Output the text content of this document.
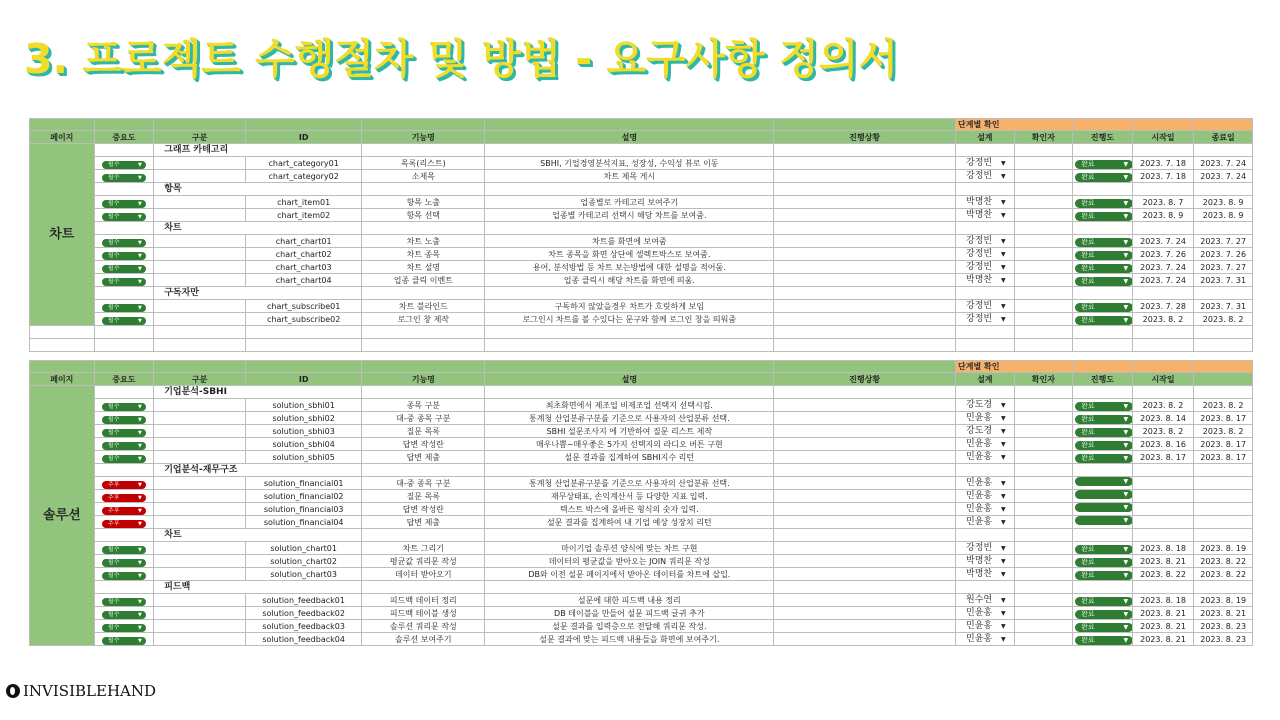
3. 프로젝트 수행절차 및 방법 - 요구사항 정의서
							단계별 확인				
페이지	중요도	구분	ID	기능명	설명	진행상황	설계	확인자	진행도	시작일	종료일
차트		그래프 카테고리									
	필수 ▼		chart_category01	목록(리스트)	SBHI, 기업경영분석지표, 성장성, 수익성 뷰로 이동		강정빈 ▼		완료 ▼	2023. 7. 18	2023. 7. 24
	필수 ▼		chart_category02	소제목	차트 제목 게시		강정빈 ▼		완료 ▼	2023. 7. 18	2023. 7. 24
		항목									
	필수 ▼		chart_item01	항목 노출	업종별로 카테고리 보여주기		박명찬 ▼		완료 ▼	2023. 8. 7	2023. 8. 9
	필수 ▼		chart_item02	항목 선택	업종별 카테고리 선택시 해당 차트를 보여줌.		박명찬 ▼		완료 ▼	2023. 8. 9	2023. 8. 9
		차트									
	필수 ▼		chart_chart01	차트 노출	차트를 화면에 보여줌		강정빈 ▼		완료 ▼	2023. 7. 24	2023. 7. 27
	필수 ▼		chart_chart02	차트 종목	차트 종목을 화면 상단에 셀렉트박스로 보여줌.		강정빈 ▼		완료 ▼	2023. 7. 26	2023. 7. 26
	필수 ▼		chart_chart03	차트 설명	용어, 분석방법 등 차트 보는방법에 대한 설명을 적어둠.		강정빈 ▼		완료 ▼	2023. 7. 24	2023. 7. 27
	필수 ▼		chart_chart04	업종 클릭 이벤트	업종 클릭시 해당 차트를 화면에 띄움.		박명찬 ▼		완료 ▼	2023. 7. 24	2023. 7. 31
		구독자만									
	필수 ▼		chart_subscribe01	차트 블라인드	구독하지 않았을경우 차트가 흐릿하게 보임		강정빈 ▼		완료 ▼	2023. 7. 28	2023. 7. 31
	필수 ▼		chart_subscribe02	로그인 창 제작	로그인시 차트를 볼 수있다는 문구와 함께 로그인 창을 띄워줌		강정빈 ▼		완료 ▼	2023. 8. 2	2023. 8. 2

							단계별 확인				
페이지	중요도	구분	ID	기능명	설명	진행상황	설계	확인자	진행도	시작일	
솔루션		기업분석-SBHI									
	필수 ▼		solution_sbhi01	종목 구분	최초화면에서 제조업 비제조업 선택지 선택시킴.		강도경 ▼		완료 ▼	2023. 8. 2	2023. 8. 2
	필수 ▼		solution_sbhi02	대-중 종목 구분	통계청 산업분류구분를 기준으로 사용자의 산업분류 선택.		민윤홍 ▼		완료 ▼	2023. 8. 14	2023. 8. 17
	필수 ▼		solution_sbhi03	질문 목록	SBHI 설문조사지 에 기반하여 질문 리스트 제작		강도경 ▼		완료 ▼	2023. 8. 2	2023. 8. 2
	필수 ▼		solution_sbhi04	답변 작성란	매우나쁨~매우좋은 5가지 선택지의 라디오 버튼 구현		민윤홍 ▼		완료 ▼	2023. 8. 16	2023. 8. 17
	필수 ▼		solution_sbhi05	답변 제출	설문 결과를 집계하여 SBHI지수 리턴		민윤홍 ▼		완료 ▼	2023. 8. 17	2023. 8. 17
		기업분석-재무구조									
	추후 ▼		solution_financial01	대-중 종목 구분	통계청 산업분류구분를 기준으로 사용자의 산업분류 선택.		민윤홍 ▼		▼		

	추후 ▼		solution_financial02	질문 목록	재무상태표, 손익계산서 등 다양한 지표 입력.		민윤홍 ▼		▼		

	추후 ▼		solution_financial03	답변 작성란	텍스트 박스에 올바른 형식의 숫자 입력.		민윤홍 ▼		▼		

	추후 ▼		solution_financial04	답변 제출	설문 결과를 집계하여 내 기업 예상 성장치 리턴		민윤홍 ▼		▼		

		차트									
	필수 ▼		solution_chart01	차트 그리기	마이기업 솔루션 양식에 맞는 차트 구현		강정빈 ▼		완료 ▼	2023. 8. 18	2023. 8. 19
	필수 ▼		solution_chart02	평균값 쿼리문 작성	데이터의 평균값을 받아오는 JOIN 쿼리문 작성		박명찬 ▼		완료 ▼	2023. 8. 21	2023. 8. 22
	필수 ▼		solution_chart03	데이터 받아오기	DB와 이전 설문 페이지에서 받아온 데이터를 차트에 삽입.		박명찬 ▼		완료 ▼	2023. 8. 22	2023. 8. 22
		피드백									
	필수 ▼		solution_feedback01	피드백 데이터 정리	설문에 대한 피드백 내용 정리		원수연 ▼		완료 ▼	2023. 8. 18	2023. 8. 19
	필수 ▼		solution_feedback02	피드백 테이블 생성	DB 테이블을 만들어 설문 피드백 글귀 추가		민윤홍 ▼		완료 ▼	2023. 8. 21	2023. 8. 21
	필수 ▼		solution_feedback03	솔루션 쿼리문 작성	설문 결과를 입력층으로 전달해 쿼리문 작성.		민윤홍 ▼		완료 ▼	2023. 8. 21	2023. 8. 23
	필수 ▼		solution_feedback04	솔루션 보여주기	설문 결과에 맞는 피드백 내용들을 화면에 보여주기.		민윤홍 ▼		완료 ▼	2023. 8. 21	2023. 8. 23
INVISIBLEHAND
